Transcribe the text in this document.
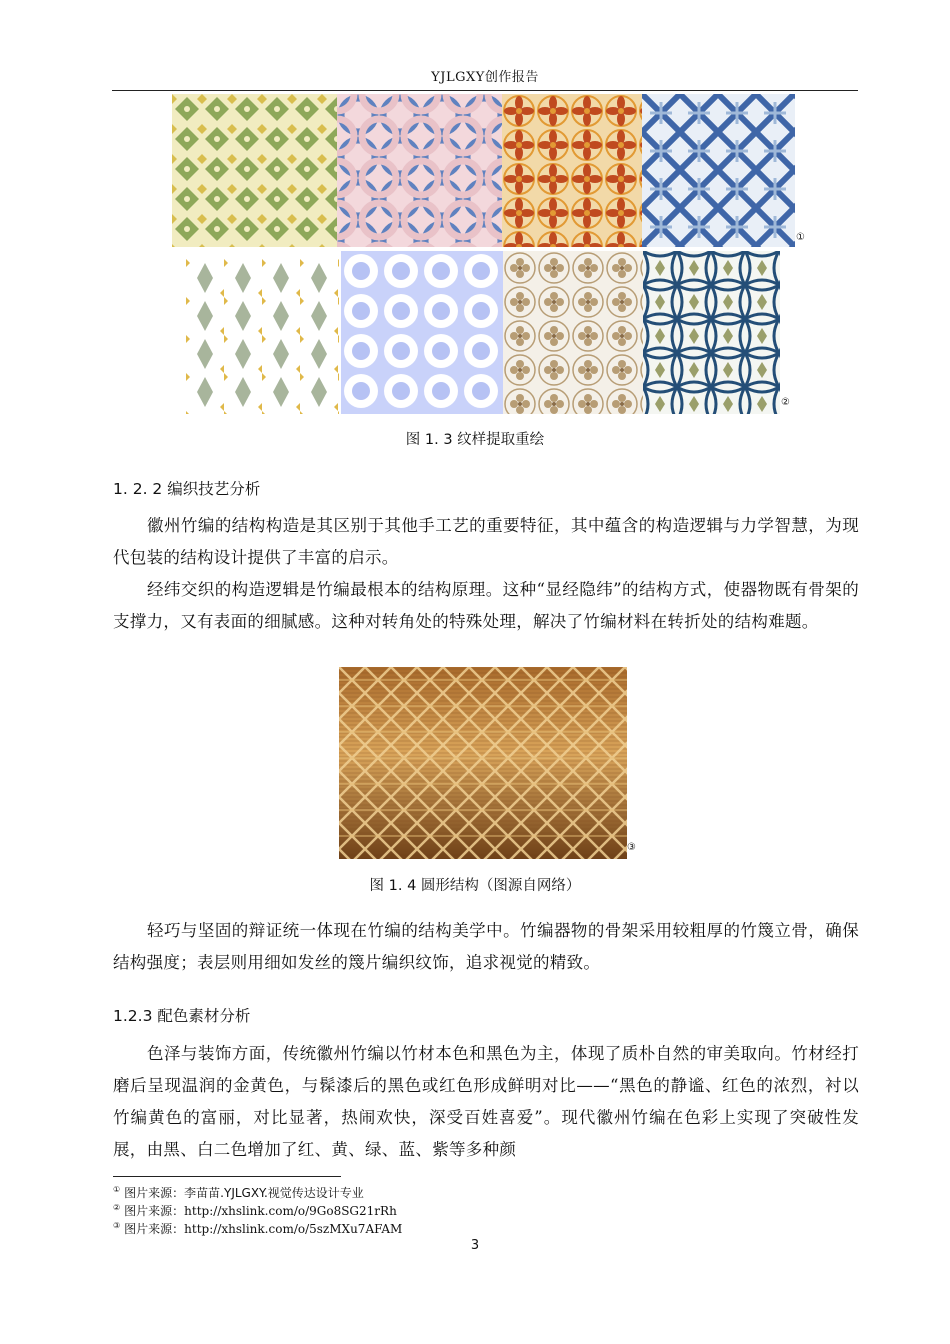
YJLGXY创作报告
①
②
图 1. 3 纹样提取重绘
1. 2. 2 编织技艺分析
徽州竹编的结构构造是其区别于其他手工艺的重要特征，其中蕴含的构造逻辑与力学智慧，为现代包装的结构设计提供了丰富的启示。
经纬交织的构造逻辑是竹编最根本的结构原理。这种“显经隐纬”的结构方式，使器物既有骨架的支撑力，又有表面的细腻感。这种对转角处的特殊处理，解决了竹编材料在转折处的结构难题。
③
图 1. 4 圆形结构（图源自网络）
轻巧与坚固的辩证统一体现在竹编的结构美学中。竹编器物的骨架采用较粗厚的竹篾立骨，确保结构强度；表层则用细如发丝的篾片编织纹饰，追求视觉的精致。
1.2.3 配色素材分析
色泽与装饰方面，传统徽州竹编以竹材本色和黑色为主，体现了质朴自然的审美取向。竹材经打磨后呈现温润的金黄色，与髹漆后的黑色或红色形成鲜明对比——“黑色的静谧、红色的浓烈，衬以竹编黄色的富丽，对比显著，热闹欢快，深受百姓喜爱”。现代徽州竹编在色彩上实现了突破性发展，由黑、白二色增加了红、黄、绿、蓝、紫等多种颜
① 图片来源：李苗苗.YJLGXY.视觉传达设计专业
② 图片来源：http://xhslink.com/o/9Go8SG21rRh
③ 图片来源：http://xhslink.com/o/5szMXu7AFAM
3
